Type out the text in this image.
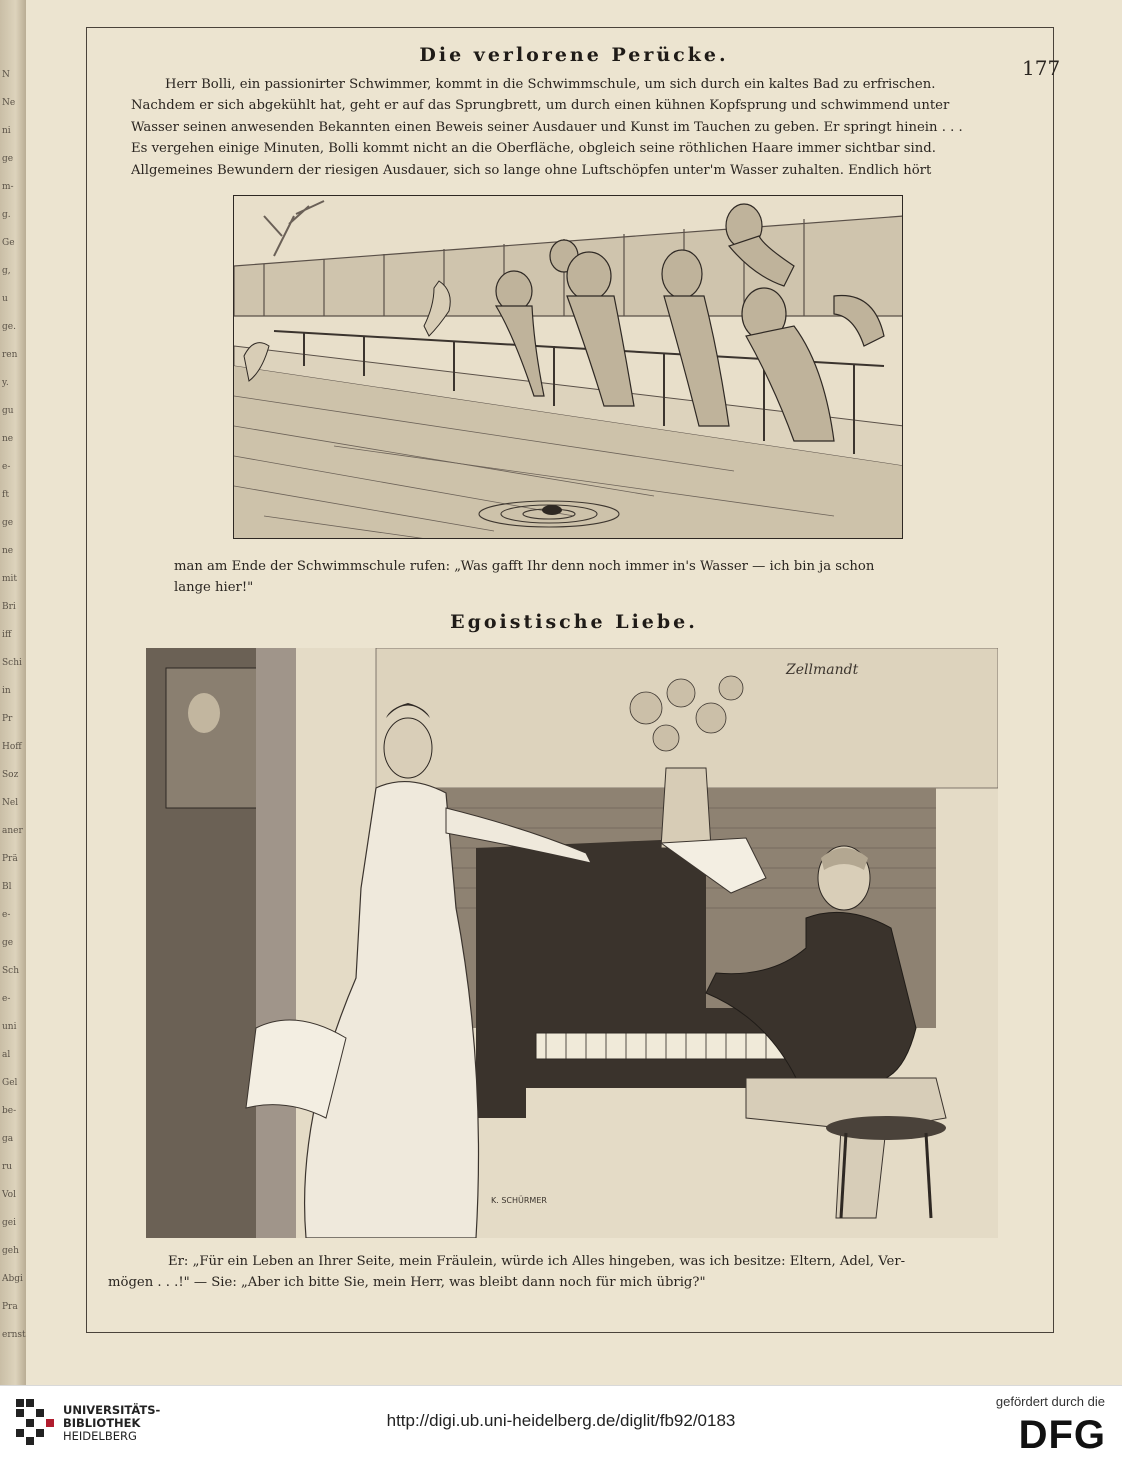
N
Ne
ni
ge
m-
g.
Ge
g,
u
ge.
ren
y.
gu
ne
e-
ft
ge
ne
mit
Bri
iff
Schi
in
Pr
Hoff
Soz
Nel
aner
Prä
Bl
e-
ge
Sch
e-
uni
al
Gel
be-
ga
ru
Vol
gei
geh
Abgi
Pra
ernst
177
Die verlorene Perücke.
Herr Bolli, ein passionirter Schwimmer, kommt in die Schwimmschule, um sich durch ein kaltes Bad zu erfrischen.
Nachdem er sich abgekühlt hat, geht er auf das Sprungbrett, um durch einen kühnen Kopfsprung und schwimmend unter
Wasser seinen anwesenden Bekannten einen Beweis seiner Ausdauer und Kunst im Tauchen zu geben. Er springt hinein . . .
Es vergehen einige Minuten, Bolli kommt nicht an die Oberfläche, obgleich seine röthlichen Haare immer sichtbar sind.
Allgemeines Bewundern der riesigen Ausdauer, sich so lange ohne Luftschöpfen unter'm Wasser zuhalten. Endlich hört
man am Ende der Schwimmschule rufen: „Was gafft Ihr denn noch immer in's Wasser — ich bin ja schon
lange hier!"
Egoistische Liebe.
Zellmandt
K. SCHÜRMER
Er: „Für ein Leben an Ihrer Seite, mein Fräulein, würde ich Alles hingeben, was ich besitze: Eltern, Adel, Ver-
mögen . . .!" — Sie: „Aber ich bitte Sie, mein Herr, was bleibt dann noch für mich übrig?"
UNIVERSITÄTS-
BIBLIOTHEK
HEIDELBERG
http://digi.ub.uni-heidelberg.de/diglit/fb92/0183
gefördert durch die
DFG
